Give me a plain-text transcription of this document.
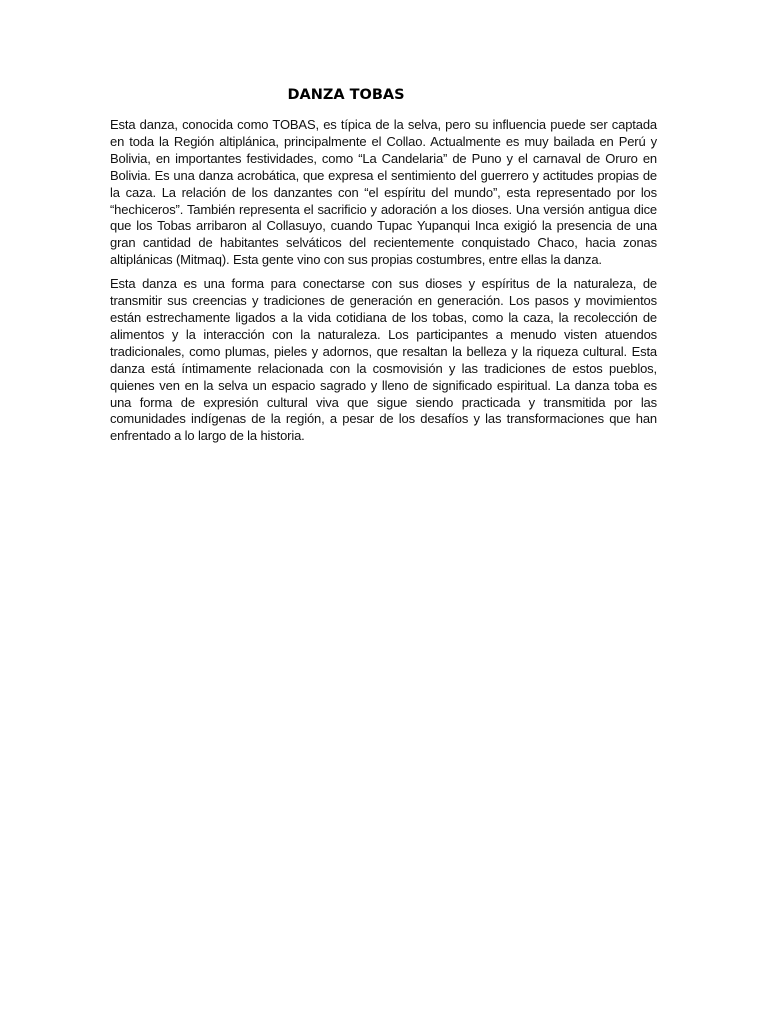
DANZA TOBAS

Esta danza, conocida como TOBAS, es típica de la selva, pero su influencia puede ser captada en toda la Región altiplánica, principalmente el Collao. Actualmente es muy bailada en Perú y Bolivia, en importantes festividades, como “La Candelaria” de Puno y el carnaval de Oruro en Bolivia. Es una danza acrobática, que expresa el sentimiento del guerrero y actitudes propias de la caza. La relación de los danzantes con “el espíritu del mundo”, esta representado por los “hechiceros”. También representa el sacrificio y adoración a los dioses. Una versión antigua dice que los Tobas arribaron al Collasuyo, cuando Tupac Yupanqui Inca exigió la presencia de una gran cantidad de habitantes selváticos del recientemente conquistado Chaco, hacia zonas altiplánicas (Mitmaq). Esta gente vino con sus propias costumbres, entre ellas la danza.

Esta danza es una forma para conectarse con sus dioses y espíritus de la naturaleza, de transmitir sus creencias y tradiciones de generación en generación. Los pasos y movimientos están estrechamente ligados a la vida cotidiana de los tobas, como la caza, la recolección de alimentos y la interacción con la naturaleza. Los participantes a menudo visten atuendos tradicionales, como plumas, pieles y adornos, que resaltan la belleza y la riqueza cultural. Esta danza está íntimamente relacionada con la cosmovisión y las tradiciones de estos pueblos, quienes ven en la selva un espacio sagrado y lleno de significado espiritual. La danza toba es una forma de expresión cultural viva que sigue siendo practicada y transmitida por las comunidades indígenas de la región, a pesar de los desafíos y las transformaciones que han enfrentado a lo largo de la historia.
